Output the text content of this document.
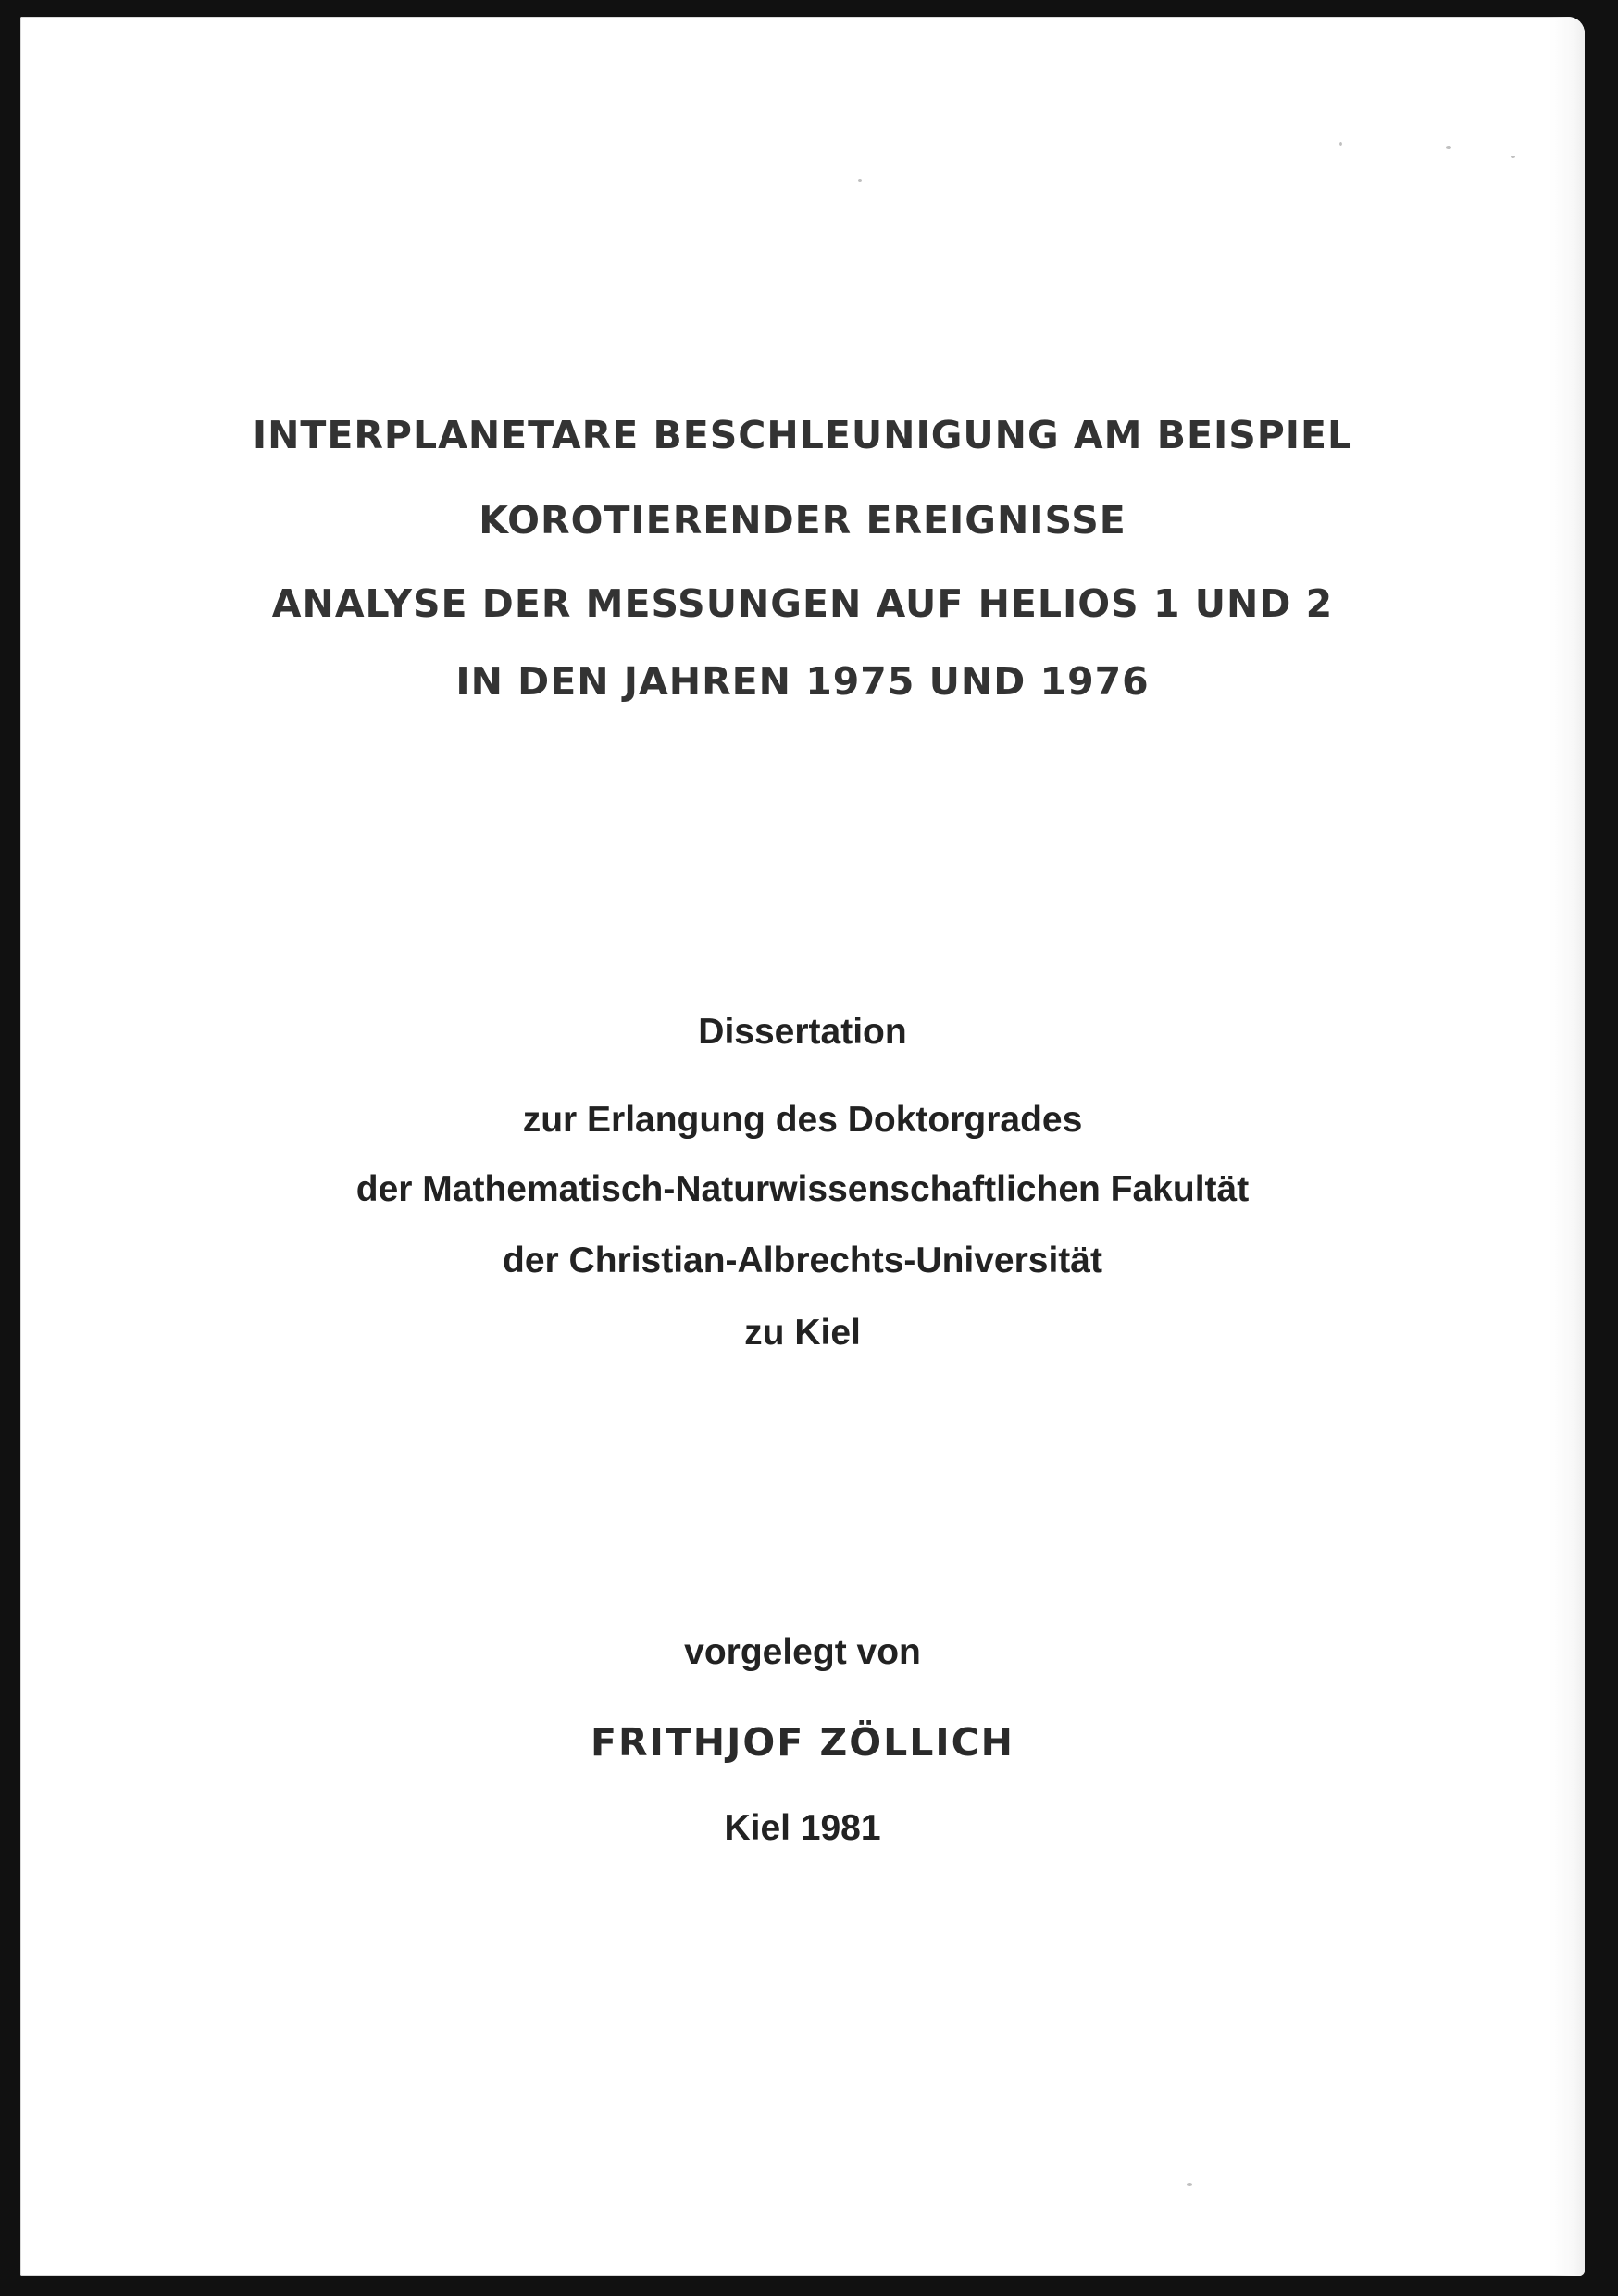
INTERPLANETARE BESCHLEUNIGUNG AM BEISPIEL
KOROTIERENDER EREIGNISSE
ANALYSE DER MESSUNGEN AUF HELIOS 1 UND 2
IN DEN JAHREN 1975 UND 1976
Dissertation
zur Erlangung des Doktorgrades
der Mathematisch-Naturwissenschaftlichen Fakultät
der Christian-Albrechts-Universität
zu Kiel
vorgelegt von
FRITHJOF ZÖLLICH
Kiel 1981
